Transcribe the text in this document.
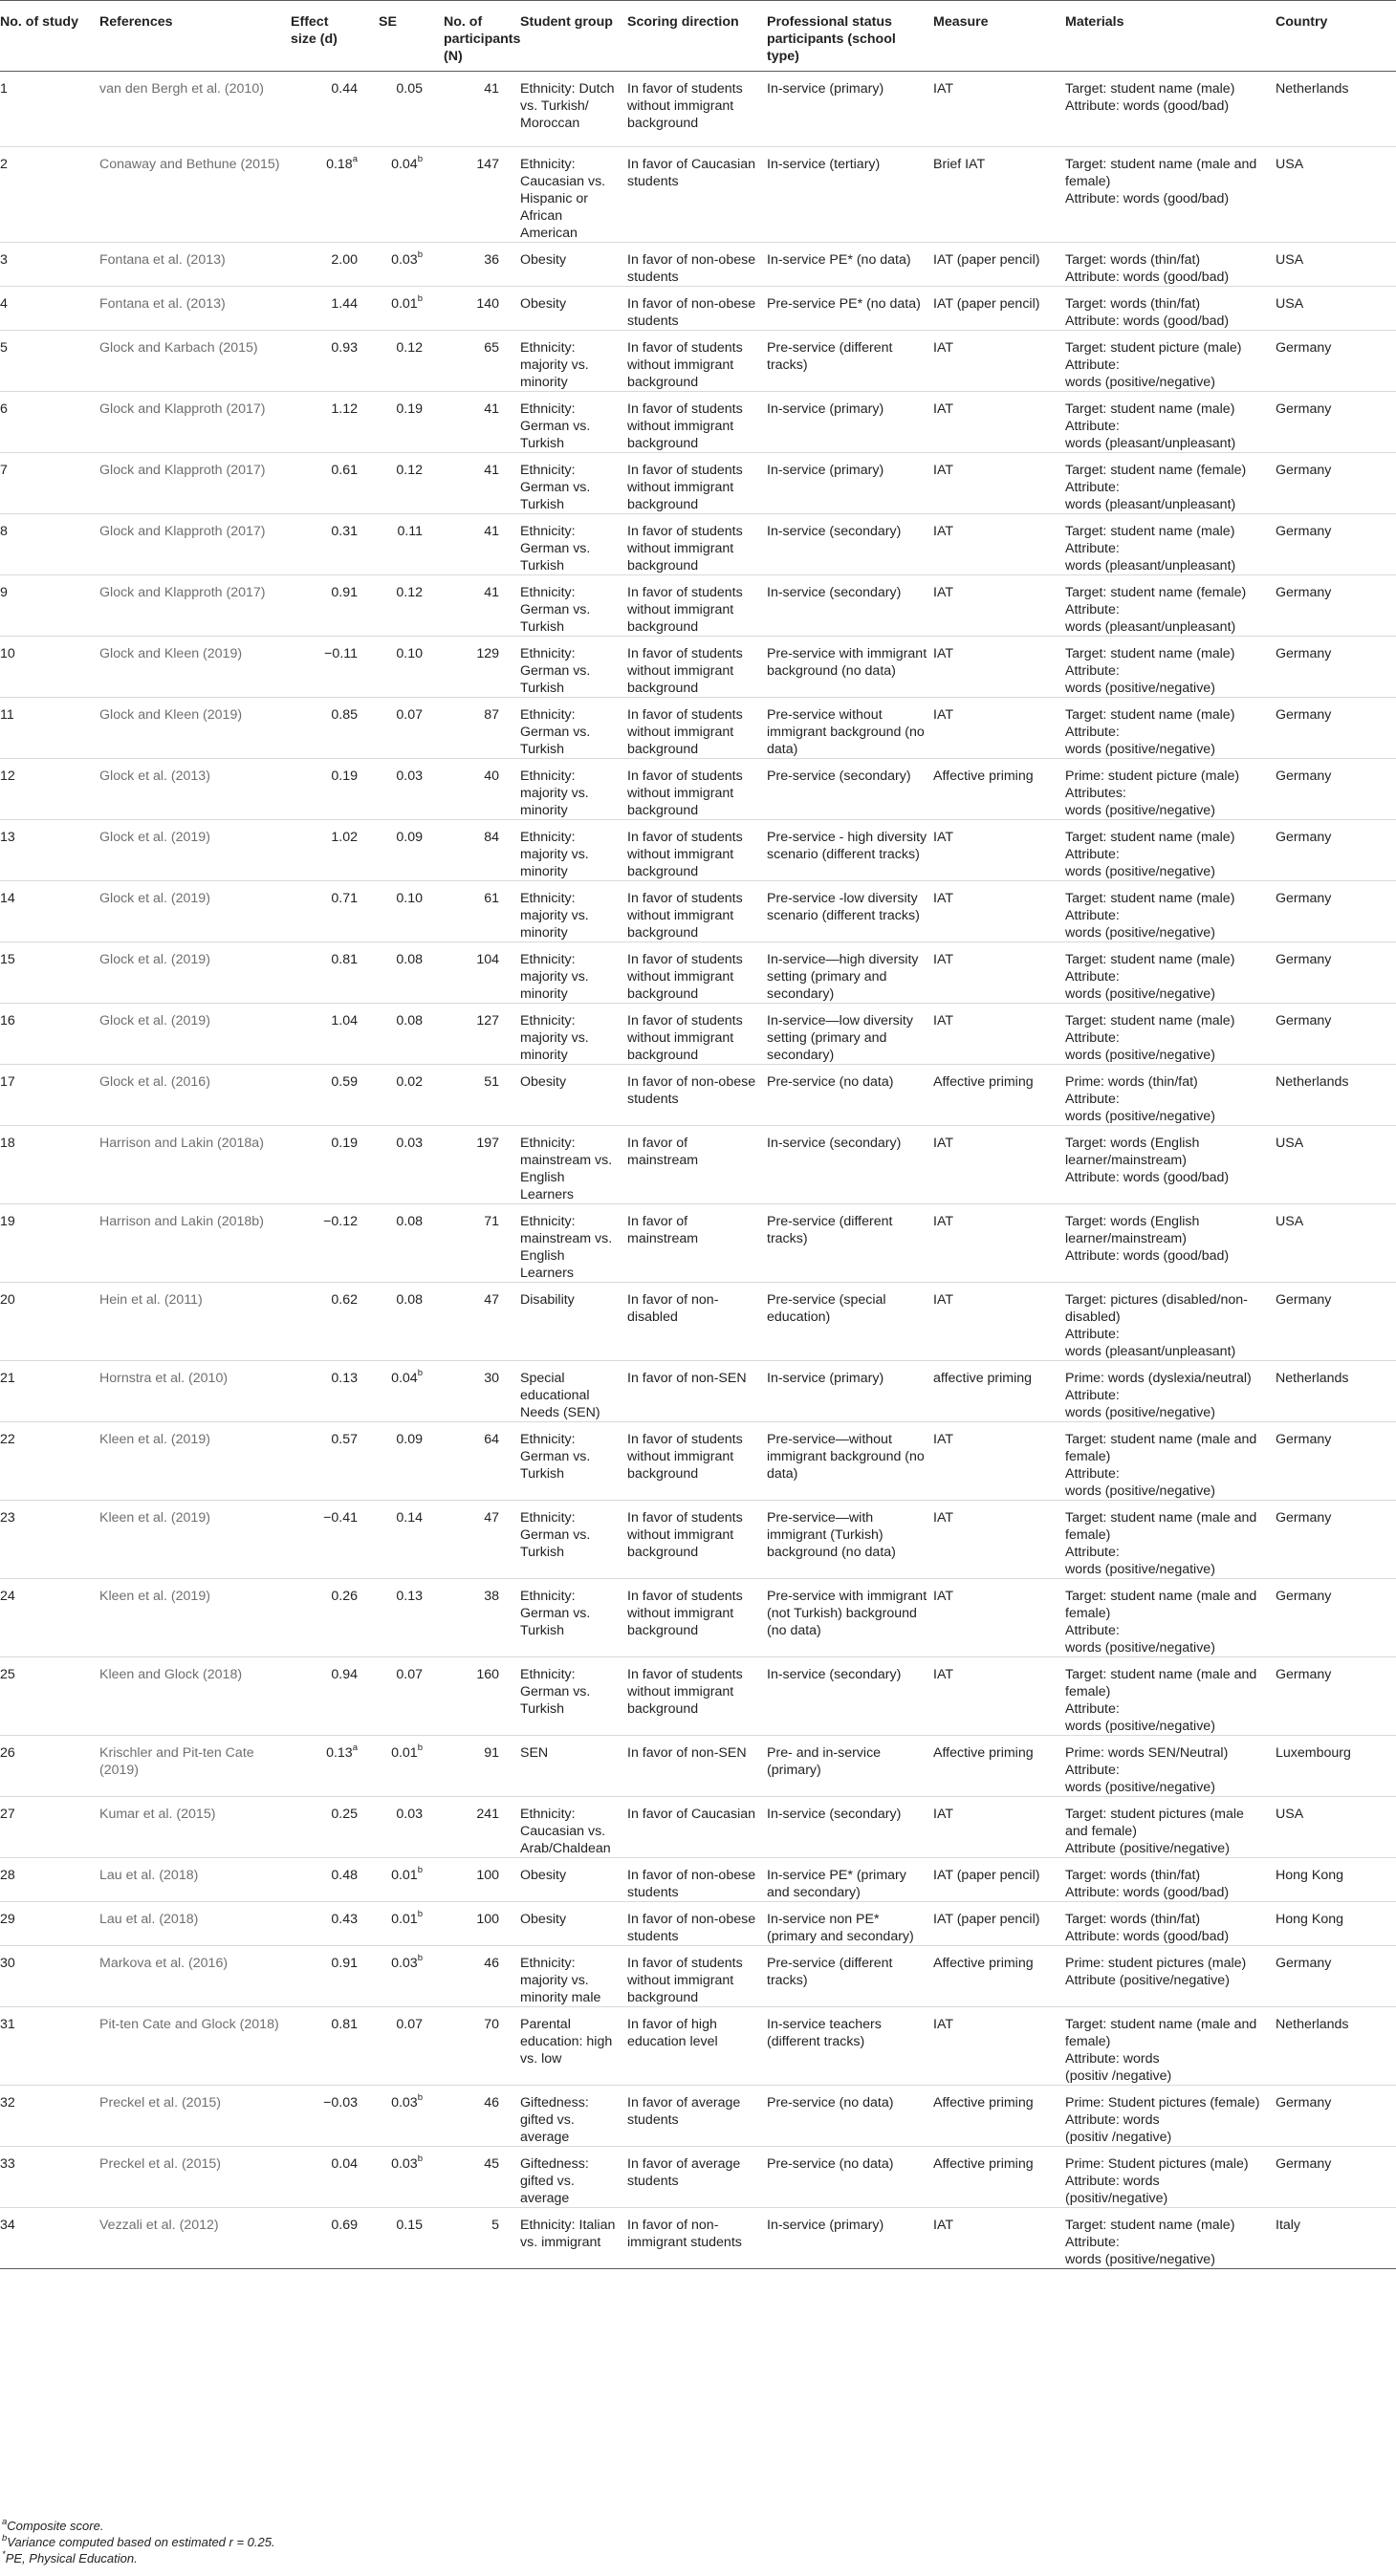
No. of study	References	Effect size (d)	SE	No. of participants (N)	Student group	Scoring direction	Professional status participants (school type)	Measure	Materials	Country
1	van den Bergh et al. (2010)	0.44	0.05	41	Ethnicity: Dutch vs. Turkish/ Moroccan	In favor of students without immigrant background	In-service (primary)	IAT	Target: student name (male)
Attribute: words (good/bad)	Netherlands
2	Conaway and Bethune (2015)	0.18$^a$	0.04$^b$	147	Ethnicity: Caucasian vs. Hispanic or African American	In favor of Caucasian students	In-service (tertiary)	Brief IAT	Target: student name (male and female)
Attribute: words (good/bad)	USA
3	Fontana et al. (2013)	2.00	0.03$^b$	36	Obesity	In favor of non-obese students	In-service PE* (no data)	IAT (paper pencil)	Target: words (thin/fat)
Attribute: words (good/bad)	USA
4	Fontana et al. (2013)	1.44	0.01$^b$	140	Obesity	In favor of non-obese students	Pre-service PE* (no data)	IAT (paper pencil)	Target: words (thin/fat)
Attribute: words (good/bad)	USA
5	Glock and Karbach (2015)	0.93	0.12	65	Ethnicity: majority vs. minority	In favor of students without immigrant background	Pre-service (different tracks)	IAT	Target: student picture (male)
Attribute:
words (positive/negative)	Germany
6	Glock and Klapproth (2017)	1.12	0.19	41	Ethnicity: German vs. Turkish	In favor of students without immigrant background	In-service (primary)	IAT	Target: student name (male)
Attribute:
words (pleasant/unpleasant)	Germany
7	Glock and Klapproth (2017)	0.61	0.12	41	Ethnicity: German vs. Turkish	In favor of students without immigrant background	In-service (primary)	IAT	Target: student name (female)
Attribute:
words (pleasant/unpleasant)	Germany
8	Glock and Klapproth (2017)	0.31	0.11	41	Ethnicity: German vs. Turkish	In favor of students without immigrant background	In-service (secondary)	IAT	Target: student name (male)
Attribute:
words (pleasant/unpleasant)	Germany
9	Glock and Klapproth (2017)	0.91	0.12	41	Ethnicity: German vs. Turkish	In favor of students without immigrant background	In-service (secondary)	IAT	Target: student name (female)
Attribute:
words (pleasant/unpleasant)	Germany
10	Glock and Kleen (2019)	−0.11	0.10	129	Ethnicity: German vs. Turkish	In favor of students without immigrant background	Pre-service with immigrant background (no data)	IAT	Target: student name (male)
Attribute:
words (positive/negative)	Germany
11	Glock and Kleen (2019)	0.85	0.07	87	Ethnicity: German vs. Turkish	In favor of students without immigrant background	Pre-service without immigrant background (no data)	IAT	Target: student name (male)
Attribute:
words (positive/negative)	Germany
12	Glock et al. (2013)	0.19	0.03	40	Ethnicity: majority vs. minority	In favor of students without immigrant background	Pre-service (secondary)	Affective priming	Prime: student picture (male)
Attributes:
words (positive/negative)	Germany
13	Glock et al. (2019)	1.02	0.09	84	Ethnicity: majority vs. minority	In favor of students without immigrant background	Pre-service - high diversity scenario (different tracks)	IAT	Target: student name (male)
Attribute:
words (positive/negative)	Germany
14	Glock et al. (2019)	0.71	0.10	61	Ethnicity: majority vs. minority	In favor of students without immigrant background	Pre-service -low diversity scenario (different tracks)	IAT	Target: student name (male)
Attribute:
words (positive/negative)	Germany
15	Glock et al. (2019)	0.81	0.08	104	Ethnicity: majority vs. minority	In favor of students without immigrant background	In-service—high diversity setting (primary and secondary)	IAT	Target: student name (male)
Attribute:
words (positive/negative)	Germany
16	Glock et al. (2019)	1.04	0.08	127	Ethnicity: majority vs. minority	In favor of students without immigrant background	In-service—low diversity setting (primary and secondary)	IAT	Target: student name (male)
Attribute:
words (positive/negative)	Germany
17	Glock et al. (2016)	0.59	0.02	51	Obesity	In favor of non-obese students	Pre-service (no data)	Affective priming	Prime: words (thin/fat)
Attribute:
words (positive/negative)	Netherlands
18	Harrison and Lakin (2018a)	0.19	0.03	197	Ethnicity: mainstream vs. English Learners	In favor of mainstream	In-service (secondary)	IAT	Target: words (English learner/mainstream)
Attribute: words (good/bad)	USA
19	Harrison and Lakin (2018b)	−0.12	0.08	71	Ethnicity: mainstream vs. English Learners	In favor of mainstream	Pre-service (different tracks)	IAT	Target: words (English learner/mainstream)
Attribute: words (good/bad)	USA
20	Hein et al. (2011)	0.62	0.08	47	Disability	In favor of non-disabled	Pre-service (special education)	IAT	Target: pictures (disabled/non-disabled)
Attribute:
words (pleasant/unpleasant)	Germany
21	Hornstra et al. (2010)	0.13	0.04$^b$	30	Special educational Needs (SEN)	In favor of non-SEN	In-service (primary)	affective priming	Prime: words (dyslexia/neutral)
Attribute:
words (positive/negative)	Netherlands
22	Kleen et al. (2019)	0.57	0.09	64	Ethnicity: German vs. Turkish	In favor of students without immigrant background	Pre-service—without immigrant background (no data)	IAT	Target: student name (male and female)
Attribute:
words (positive/negative)	Germany
23	Kleen et al. (2019)	−0.41	0.14	47	Ethnicity: German vs. Turkish	In favor of students without immigrant background	Pre-service—with immigrant (Turkish) background (no data)	IAT	Target: student name (male and female)
Attribute:
words (positive/negative)	Germany
24	Kleen et al. (2019)	0.26	0.13	38	Ethnicity: German vs. Turkish	In favor of students without immigrant background	Pre-service with immigrant (not Turkish) background (no data)	IAT	Target: student name (male and female)
Attribute:
words (positive/negative)	Germany
25	Kleen and Glock (2018)	0.94	0.07	160	Ethnicity: German vs. Turkish	In favor of students without immigrant background	In-service (secondary)	IAT	Target: student name (male and female)
Attribute:
words (positive/negative)	Germany
26	Krischler and Pit-ten Cate (2019)	0.13$^a$	0.01$^b$	91	SEN	In favor of non-SEN	Pre- and in-service (primary)	Affective priming	Prime: words SEN/Neutral)
Attribute:
words (positive/negative)	Luxembourg
27	Kumar et al. (2015)	0.25	0.03	241	Ethnicity: Caucasian vs. Arab/Chaldean	In favor of Caucasian	In-service (secondary)	IAT	Target: student pictures (male and female)
Attribute (positive/negative)	USA
28	Lau et al. (2018)	0.48	0.01$^b$	100	Obesity	In favor of non-obese students	In-service PE* (primary and secondary)	IAT (paper pencil)	Target: words (thin/fat)
Attribute: words (good/bad)	Hong Kong
29	Lau et al. (2018)	0.43	0.01$^b$	100	Obesity	In favor of non-obese students	In-service non PE* (primary and secondary)	IAT (paper pencil)	Target: words (thin/fat)
Attribute: words (good/bad)	Hong Kong
30	Markova et al. (2016)	0.91	0.03$^b$	46	Ethnicity: majority vs. minority male	In favor of students without immigrant background	Pre-service (different tracks)	Affective priming	Prime: student pictures (male)
Attribute (positive/negative)	Germany
31	Pit-ten Cate and Glock (2018)	0.81	0.07	70	Parental education: high vs. low	In favor of high education level	In-service teachers (different tracks)	IAT	Target: student name (male and female)
Attribute: words
(positiv /negative)	Netherlands
32	Preckel et al. (2015)	−0.03	0.03$^b$	46	Giftedness: gifted vs. average	In favor of average students	Pre-service (no data)	Affective priming	Prime: Student pictures (female)
Attribute: words
(positiv /negative)	Germany
33	Preckel et al. (2015)	0.04	0.03$^b$	45	Giftedness: gifted vs. average	In favor of average students	Pre-service (no data)	Affective priming	Prime: Student pictures (male)
Attribute: words
(positiv/negative)	Germany
34	Vezzali et al. (2012)	0.69	0.15	5	Ethnicity: Italian vs. immigrant	In favor of non-immigrant students	In-service (primary)	IAT	Target: student name (male)
Attribute:
words (positive/negative)	Italy
$^a$Composite score.
$^b$Variance computed based on estimated r = 0.25.
*PE, Physical Education.
